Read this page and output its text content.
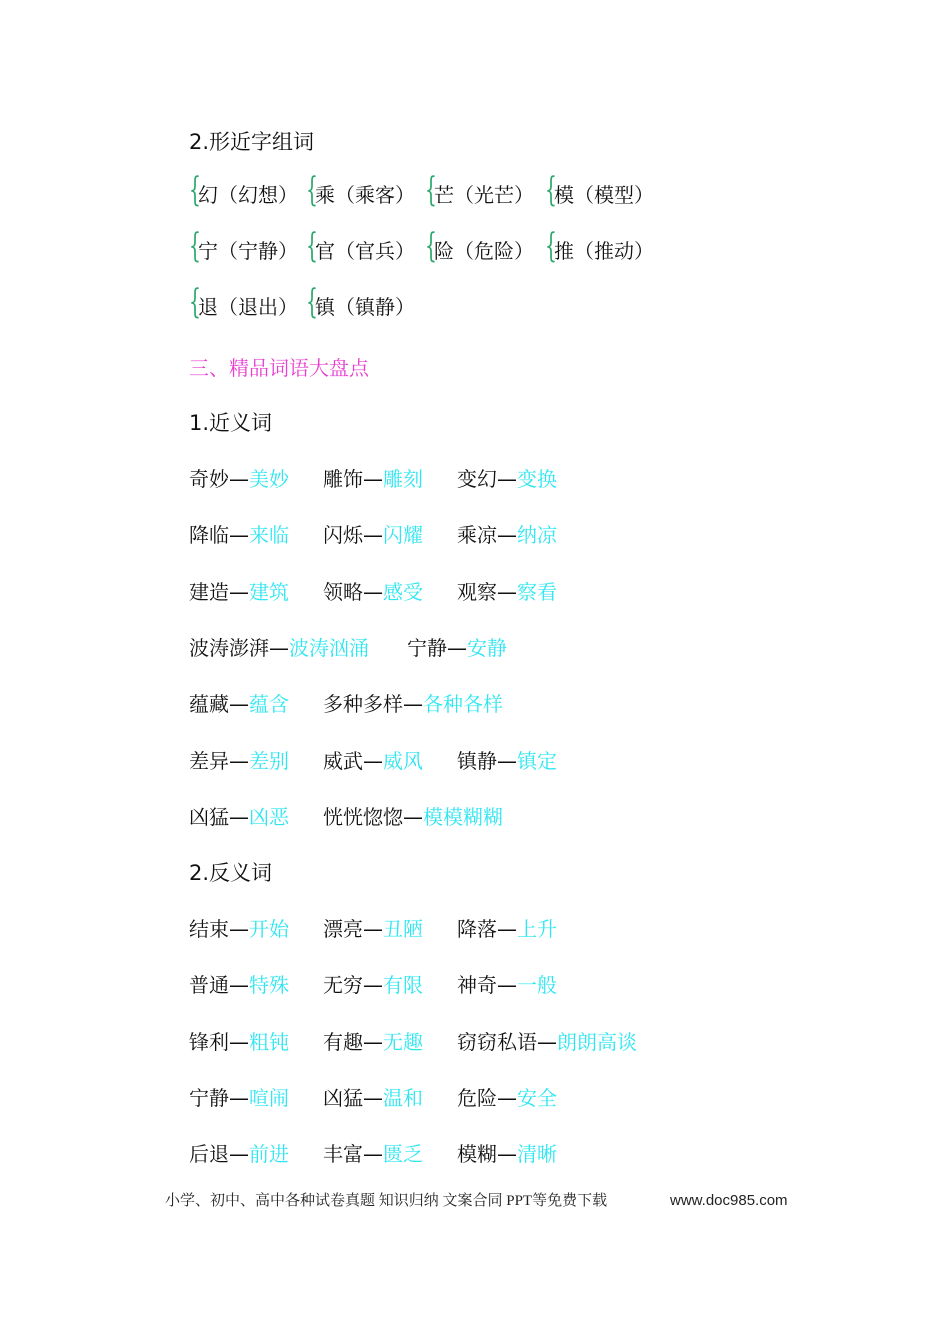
2.形近字组词
{
幻（幻想） {
乘（乘客） {
芒（光芒） {
模（模型）
{
宁（宁静） {
官（官兵） {
险（危险） {
推（推动）
{
退（退出） {
镇（镇静）
三、精品词语大盘点
1.近义词
奇妙—美妙 雕饰—雕刻 变幻—变换
降临—来临 闪烁—闪耀 乘凉—纳凉
建造—建筑 领略—感受 观察—察看
波涛澎湃—波涛汹涌 宁静—安静
蕴藏—蕴含 多种多样—各种各样
差异—差别 威武—威风 镇静—镇定
凶猛—凶恶 恍恍惚惚—模模糊糊
2.反义词
结束—开始 漂亮—丑陋 降落—上升
普通—特殊 无穷—有限 神奇—一般
锋利—粗钝 有趣—无趣 窃窃私语—朗朗高谈
宁静—喧闹 凶猛—温和 危险—安全
后退—前进 丰富—匮乏 模糊—清晰
小学、初中、高中各种试卷真题 知识归纳 文案合同 PPT等免费下载	www.doc985.com
